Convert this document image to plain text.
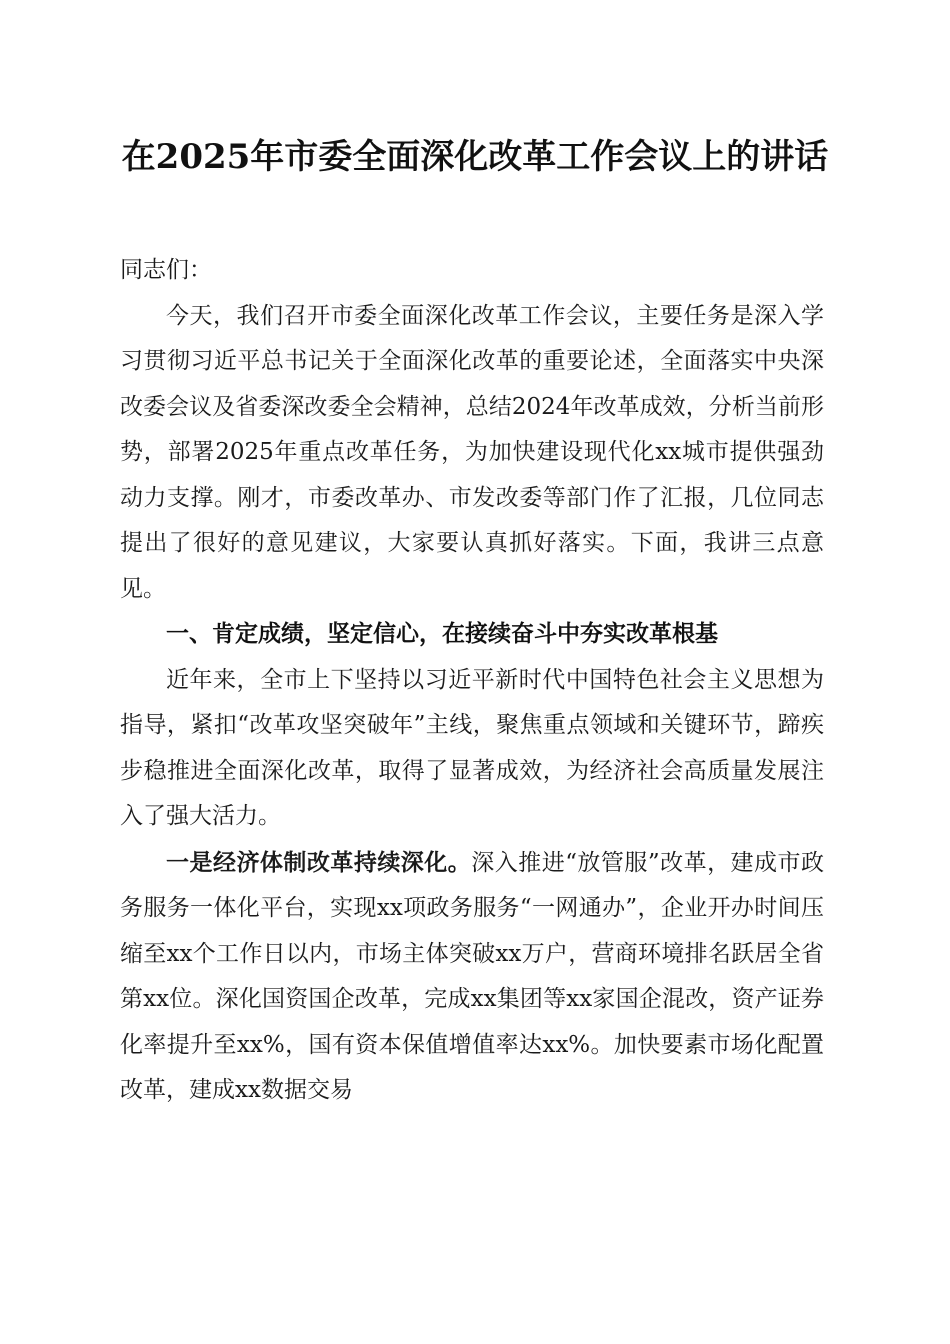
在2025年市委全面深化改革工作会议上的讲话

同志们：

今天，我们召开市委全面深化改革工作会议，主要任务是深入学习贯彻习近平总书记关于全面深化改革的重要论述，全面落实中央深改委会议及省委深改委全会精神，总结2024年改革成效，分析当前形势，部署2025年重点改革任务，为加快建设现代化xx城市提供强劲动力支撑。刚才，市委改革办、市发改委等部门作了汇报，几位同志提出了很好的意见建议，大家要认真抓好落实。下面，我讲三点意见。

一、肯定成绩，坚定信心，在接续奋斗中夯实改革根基

近年来，全市上下坚持以习近平新时代中国特色社会主义思想为指导，紧扣“改革攻坚突破年”主线，聚焦重点领域和关键环节，蹄疾步稳推进全面深化改革，取得了显著成效，为经济社会高质量发展注入了强大活力。

一是经济体制改革持续深化。深入推进“放管服”改革，建成市政务服务一体化平台，实现xx项政务服务“一网通办”，企业开办时间压缩至xx个工作日以内，市场主体突破xx万户，营商环境排名跃居全省第xx位。深化国资国企改革，完成xx集团等xx家国企混改，资产证券化率提升至xx%，国有资本保值增值率达xx%。加快要素市场化配置改革，建成xx数据交易
